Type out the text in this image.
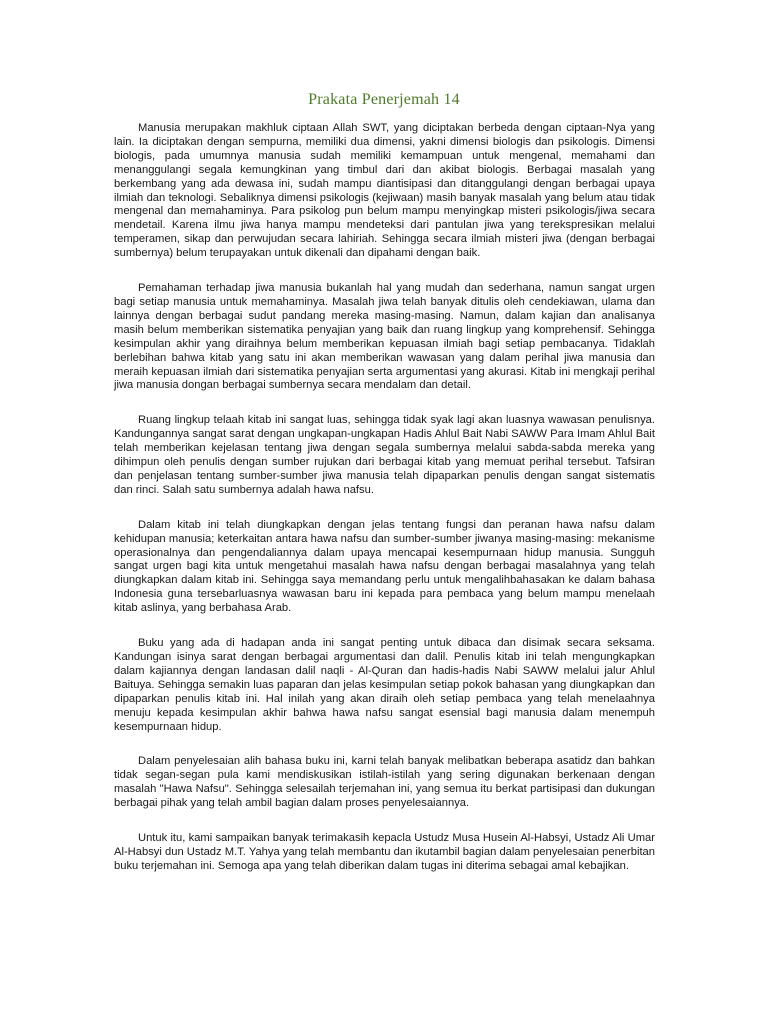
Prakata Penerjemah 14

Manusia merupakan makhluk ciptaan Allah SWT, yang diciptakan berbeda dengan ciptaan-Nya yang lain. Ia diciptakan dengan sempurna, memiliki dua dimensi, yakni dimensi biologis dan psikologis. Dimensi biologis, pada umumnya manusia sudah memiliki kemampuan untuk mengenal, memahami dan menanggulangi segala kemungkinan yang timbul dari dan akibat biologis. Berbagai masalah yang berkembang yang ada dewasa ini, sudah mampu diantisipasi dan ditanggulangi dengan berbagai upaya ilmiah dan teknologi. Sebaliknya dimensi psikologis (kejiwaan) masih banyak masalah yang belum atau tidak mengenal dan memahaminya. Para psikolog pun belum mampu menyingkap misteri psikologis/jiwa secara mendetail. Karena ilmu jiwa hanya mampu mendeteksi dari pantulan jiwa yang terekspresikan melalui temperamen, sikap dan perwujudan secara lahiriah. Sehingga secara ilmiah misteri jiwa (dengan berbagai sumbernya) belum terupayakan untuk dikenali dan dipahami dengan baik.

Pemahaman terhadap jiwa manusia bukanlah hal yang mudah dan sederhana, namun sangat urgen bagi setiap manusia untuk memahaminya. Masalah jiwa telah banyak ditulis oleh cendekiawan, ulama dan lainnya dengan berbagai sudut pandang mereka masing-masing. Namun, dalam kajian dan analisanya masih belum memberikan sistematika penyajian yang baik dan ruang lingkup yang komprehensif. Sehingga kesimpulan akhir yang diraihnya belum memberikan kepuasan ilmiah bagi setiap pembacanya. Tidaklah berlebihan bahwa kitab yang satu ini akan memberikan wawasan yang dalam perihal jiwa manusia dan meraih kepuasan ilmiah dari sistematika penyajian serta argumentasi yang akurasi. Kitab ini mengkaji perihal jiwa manusia dongan berbagai sumbernya secara mendalam dan detail.

Ruang lingkup telaah kitab ini sangat luas, sehingga tidak syak lagi akan luasnya wawasan penulisnya. Kandungannya sangat sarat dengan ungkapan-ungkapan Hadis Ahlul Bait Nabi SAWW Para Imam Ahlul Bait telah memberikan kejelasan tentang jiwa dengan segala sumbernya melalui sabda-sabda mereka yang dihimpun oleh penulis dengan sumber rujukan dari berbagai kitab yang memuat perihal tersebut. Tafsiran dan penjelasan tentang sumber-sumber jiwa manusia telah dipaparkan penulis dengan sangat sistematis dan rinci. Salah satu sumbernya adalah hawa nafsu.

Dalam kitab ini telah diungkapkan dengan jelas tentang fungsi dan peranan hawa nafsu dalam kehidupan manusia; keterkaitan antara hawa nafsu dan sumber-sumber jiwanya masing-masing: mekanisme operasionalnya dan pengendaliannya dalam upaya mencapai kesempurnaan hidup manusia. Sungguh sangat urgen bagi kita untuk mengetahui masalah hawa nafsu dengan berbagai masalahnya yang telah diungkapkan dalam kitab ini. Sehingga saya memandang perlu untuk mengalihbahasakan ke dalam bahasa Indonesia guna tersebarluasnya wawasan baru ini kepada para pembaca yang belum mampu menelaah kitab aslinya, yang berbahasa Arab.

Buku yang ada di hadapan anda ini sangat penting untuk dibaca dan disimak secara seksama. Kandungan isinya sarat dengan berbagai argumentasi dan dalil. Penulis kitab ini telah mengungkapkan dalam kajiannya dengan landasan dalil naqli - Al-Quran dan hadis-hadis Nabi SAWW melalui jalur Ahlul Baituya. Sehingga semakin luas paparan dan jelas kesimpulan setiap pokok bahasan yang diungkapkan dan dipaparkan penulis kitab ini. Hal inilah yang akan diraih oleh setiap pembaca yang telah menelaahnya menuju kepada kesimpulan akhir bahwa hawa nafsu sangat esensial bagi manusia dalam menempuh kesempurnaan hidup.

Dalam penyelesaian alih bahasa buku ini, karni telah banyak melibatkan beberapa asatidz dan bahkan tidak segan-segan pula kami mendiskusikan istilah-istilah yang sering digunakan berkenaan dengan masalah "Hawa Nafsu". Sehingga selesailah terjemahan ini, yang semua itu berkat partisipasi dan dukungan berbagai pihak yang telah ambil bagian dalam proses penyelesaiannya.

Untuk itu, kami sampaikan banyak terimakasih kepacla Ustudz Musa Husein Al-Habsyi, Ustadz Ali Umar Al-Habsyi dun Ustadz M.T. Yahya yang telah membantu dan ikutambil bagian dalam penyelesaian penerbitan buku terjemahan ini. Semoga apa yang telah diberikan dalam tugas ini diterima sebagai amal kebajikan.
